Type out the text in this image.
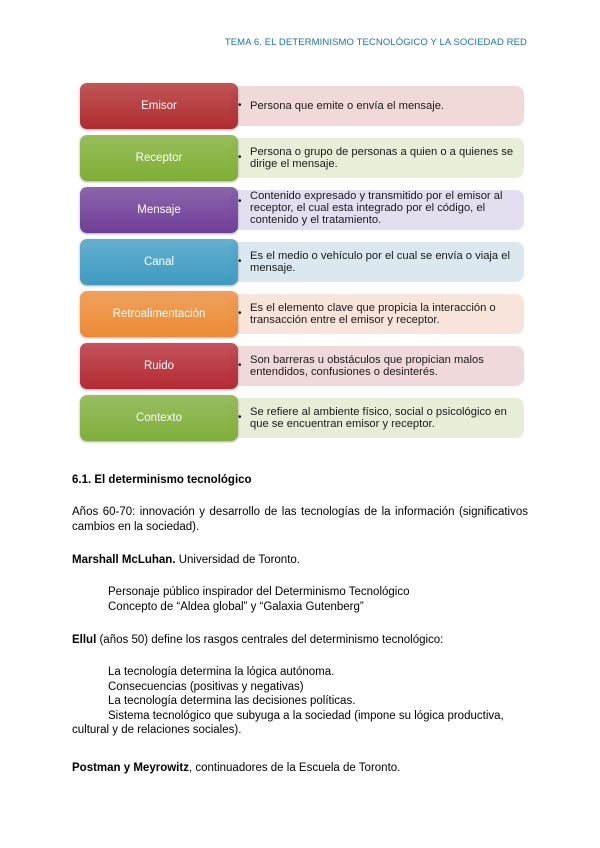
TEMA 6. EL DETERMINISMO TECNOLÓGICO Y LA SOCIEDAD RED
• Persona que emite o envía el mensaje.
Emisor
• Persona o grupo de personas a quien o a quienes se dirige el mensaje.
Receptor
• Contenido expresado y transmitido por el emisor al receptor, el cual esta integrado por el código, el contenido y el tratamiento.
Mensaje
• Es el medio o vehículo por el cual se envía o viaja el mensaje.
Canal
• Es el elemento clave que propicia la interacción o transacción entre el emisor y receptor.
Retroalimentación
• Son barreras u obstáculos que propician malos entendidos, confusiones o desinterés.
Ruido
• Se refiere al ambiente físico, social o psicológico en que se encuentran emisor y receptor.
Contexto

6.1. El determinismo tecnológico

Años 60-70: innovación y desarrollo de las tecnologías de la información (significativos cambios en la sociedad).

Marshall McLuhan. Universidad de Toronto.

Personaje público inspirador del Determinismo Tecnológico

Concepto de “Aldea global” y “Galaxia Gutenberg”

Ellul (años 50) define los rasgos centrales del determinismo tecnológico:

La tecnología determina la lógica autónoma.

Consecuencias (positivas y negativas)

La tecnología determina las decisiones políticas.

Sistema tecnológico que subyuga a la sociedad (impone su lógica productiva,

cultural y de relaciones sociales).

Postman y Meyrowitz, continuadores de la Escuela de Toronto.
